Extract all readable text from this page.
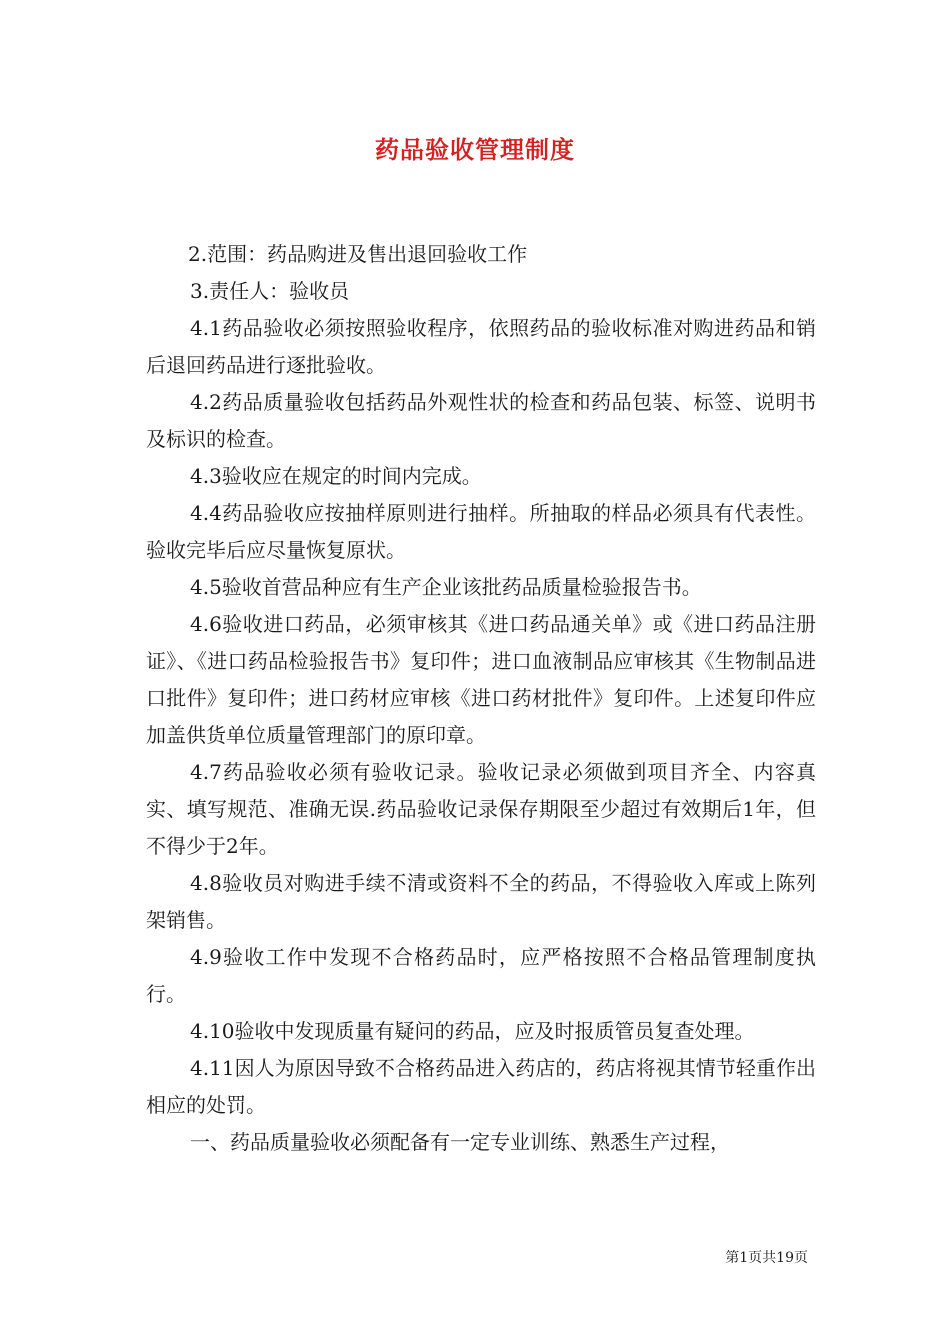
药品验收管理制度

2.范围：药品购进及售出退回验收工作

3.责任人：验收员

4.1药品验收必须按照验收程序，依照药品的验收标准对购进药品和销后退回药品进行逐批验收。

4.2药品质量验收包括药品外观性状的检查和药品包装、标签、说明书及标识的检查。

4.3验收应在规定的时间内完成。

4.4药品验收应按抽样原则进行抽样。所抽取的样品必须具有代表性。验收完毕后应尽量恢复原状。

4.5验收首营品种应有生产企业该批药品质量检验报告书。

4.6验收进口药品，必须审核其《进口药品通关单》或《进口药品注册证》、《进口药品检验报告书》复印件；进口血液制品应审核其《生物制品进口批件》复印件；进口药材应审核《进口药材批件》复印件。上述复印件应加盖供货单位质量管理部门的原印章。

4.7药品验收必须有验收记录。验收记录必须做到项目齐全、内容真实、填写规范、准确无误.药品验收记录保存期限至少超过有效期后1年，但不得少于2年。

4.8验收员对购进手续不清或资料不全的药品，不得验收入库或上陈列架销售。

4.9验收工作中发现不合格药品时，应严格按照不合格品管理制度执行。

4.10验收中发现质量有疑问的药品，应及时报质管员复查处理。

4.11因人为原因导致不合格药品进入药店的，药店将视其情节轻重作出相应的处罚。

一、药品质量验收必须配备有一定专业训练、熟悉生产过程，

第1页共19页
